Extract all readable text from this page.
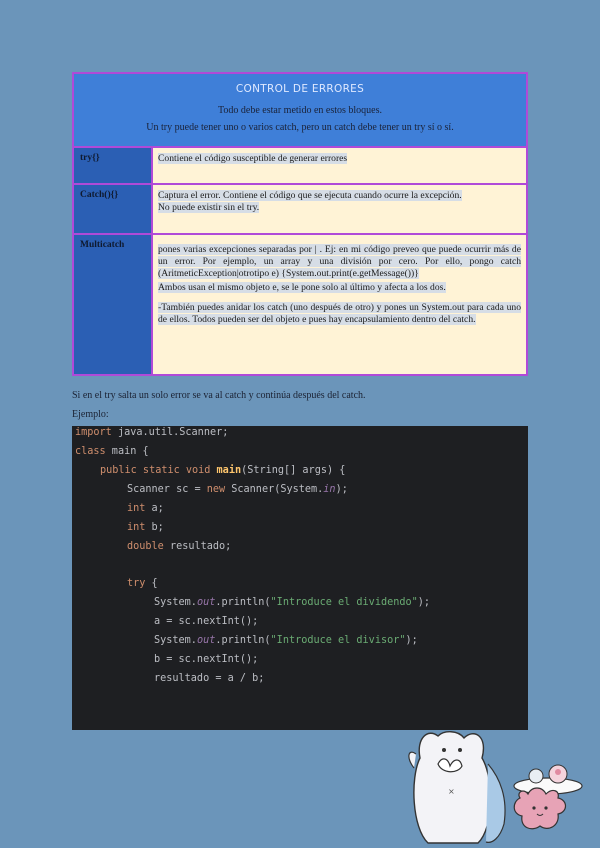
CONTROL DE ERRORES
Todo debe estar metido en estos bloques.
Un try puede tener uno o varios catch, pero un catch debe tener un try sí o sí.
try{}	Contiene el código susceptible de generar errores
Catch(){}	Captura el error. Contiene el código que se ejecuta cuando ocurre la excepción.
No puede existir sin el try.
Multicatch	pones varias excepciones separadas por | . Ej: en mi código preveo que puede ocurrir más de un error. Por ejemplo, un array y una división por cero. Por ello, pongo catch (AritmeticException|otrotipo e) {System.out.print(e.getMessage())}

Ambos usan el mismo objeto e, se le pone solo al último y afecta a los dos.

-También puedes anidar los catch (uno después de otro) y pones un System.out para cada uno de ellos. Todos pueden ser del objeto e pues hay encapsulamiento dentro del catch.

Si en el try salta un solo error se va al catch y continúa después del catch.
Ejemplo:
import java.util.Scanner;
class main {
public static void main(String[] args) {
Scanner sc = new Scanner(System.in);
int a;
int b;
double resultado;
try {
System.out.println("Introduce el dividendo");
a = sc.nextInt();
System.out.println("Introduce el divisor");
b = sc.nextInt();
resultado = a / b;
×
